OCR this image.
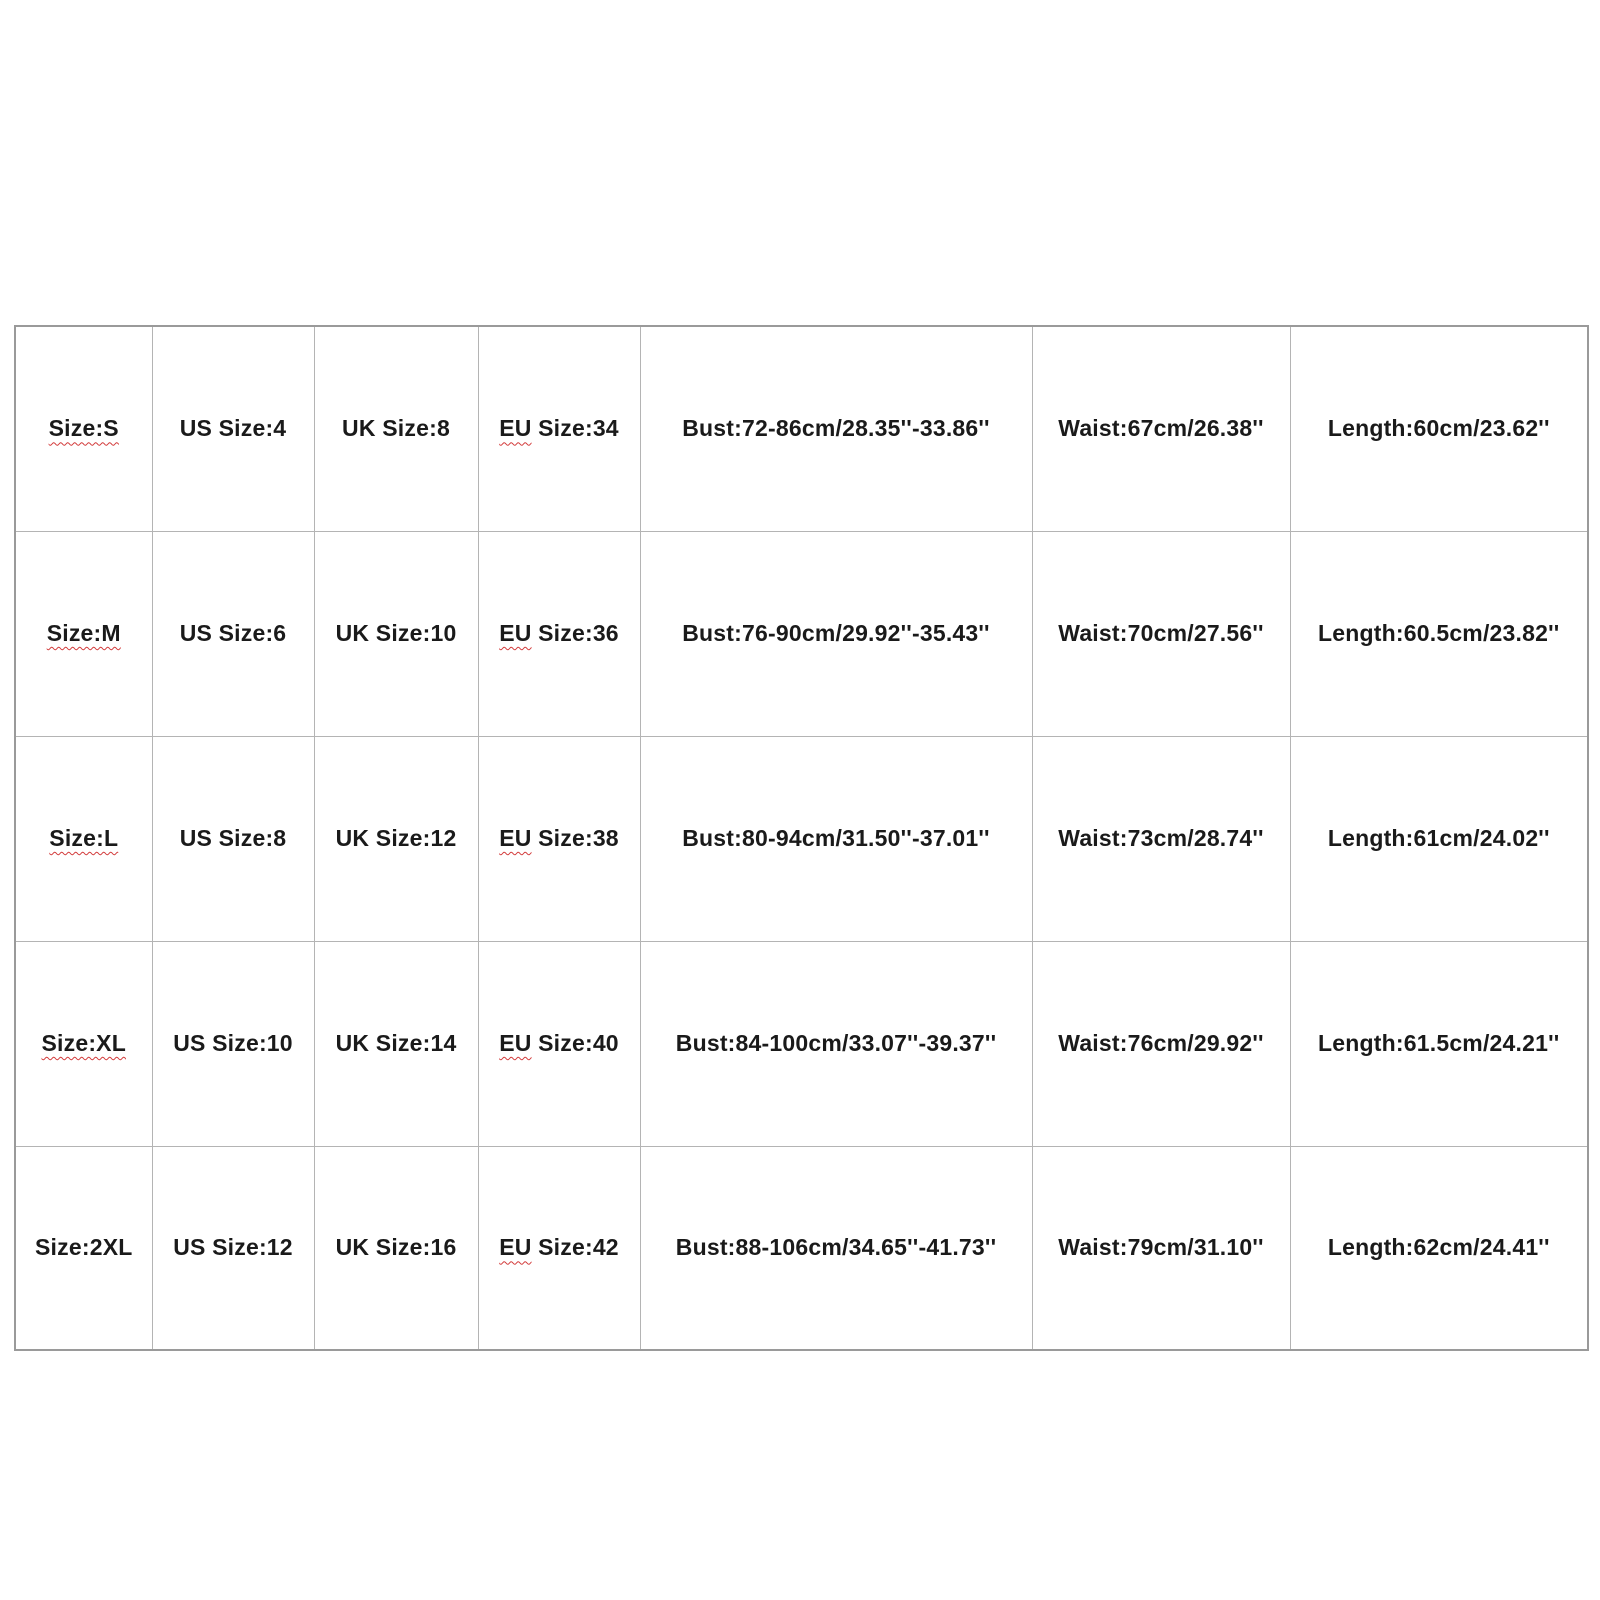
Size:S	US Size:4	UK Size:8	EU Size:34	Bust:72-86cm/28.35''-33.86''	Waist:67cm/26.38''	Length:60cm/23.62''
Size:M	US Size:6	UK Size:10	EU Size:36	Bust:76-90cm/29.92''-35.43''	Waist:70cm/27.56''	Length:60.5cm/23.82''
Size:L	US Size:8	UK Size:12	EU Size:38	Bust:80-94cm/31.50''-37.01''	Waist:73cm/28.74''	Length:61cm/24.02''
Size:XL	US Size:10	UK Size:14	EU Size:40	Bust:84-100cm/33.07''-39.37''	Waist:76cm/29.92''	Length:61.5cm/24.21''
Size:2XL	US Size:12	UK Size:16	EU Size:42	Bust:88-106cm/34.65''-41.73''	Waist:79cm/31.10''	Length:62cm/24.41''
